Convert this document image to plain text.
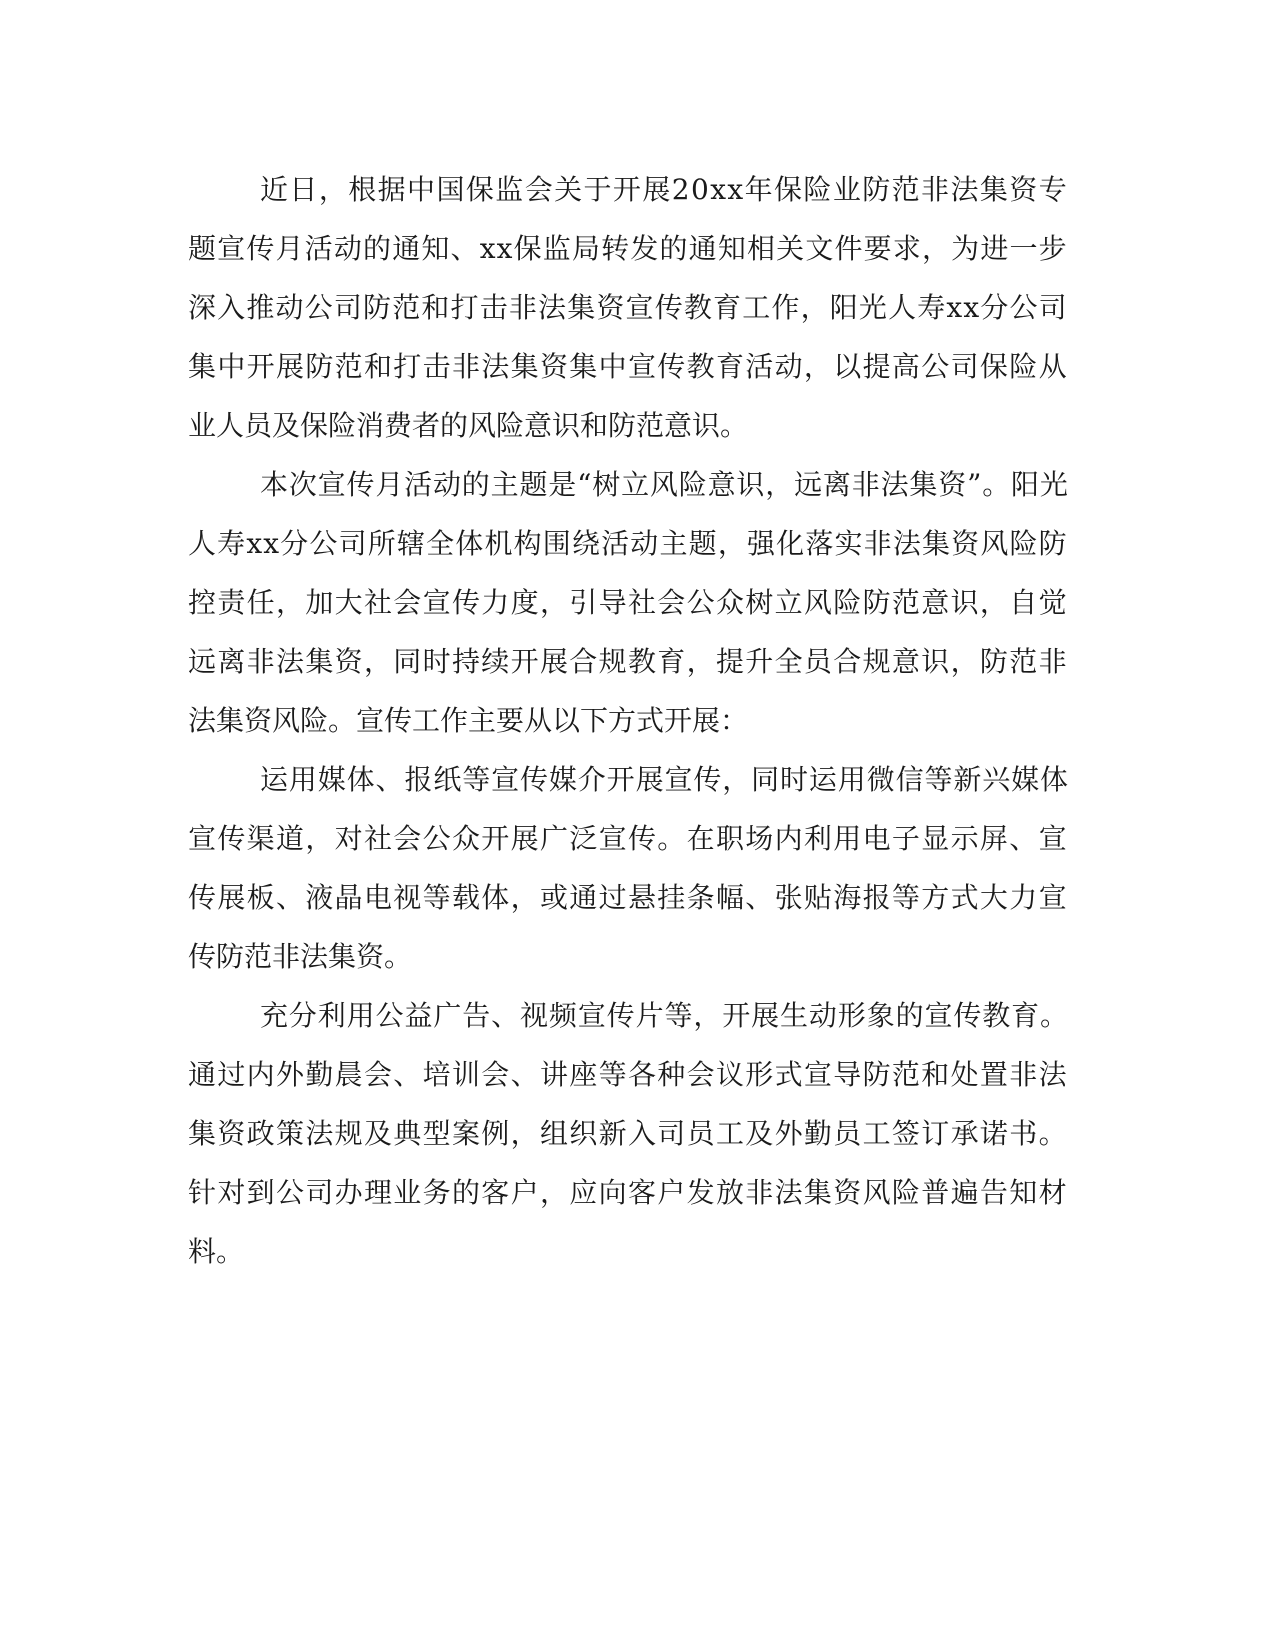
近日，根据中国保监会关于开展20xx年保险业防范非法集资专
题宣传月活动的通知、xx保监局转发的通知相关文件要求，为进一步
深入推动公司防范和打击非法集资宣传教育工作，阳光人寿xx分公司
集中开展防范和打击非法集资集中宣传教育活动，以提高公司保险从
业人员及保险消费者的风险意识和防范意识。
本次宣传月活动的主题是“树立风险意识，远离非法集资”。阳光
人寿xx分公司所辖全体机构围绕活动主题，强化落实非法集资风险防
控责任，加大社会宣传力度，引导社会公众树立风险防范意识，自觉
远离非法集资，同时持续开展合规教育，提升全员合规意识，防范非
法集资风险。宣传工作主要从以下方式开展：
运用媒体、报纸等宣传媒介开展宣传，同时运用微信等新兴媒体
宣传渠道，对社会公众开展广泛宣传。在职场内利用电子显示屏、宣
传展板、液晶电视等载体，或通过悬挂条幅、张贴海报等方式大力宣
传防范非法集资。
充分利用公益广告、视频宣传片等，开展生动形象的宣传教育。
通过内外勤晨会、培训会、讲座等各种会议形式宣导防范和处置非法
集资政策法规及典型案例，组织新入司员工及外勤员工签订承诺书。
针对到公司办理业务的客户，应向客户发放非法集资风险普遍告知材
料。
